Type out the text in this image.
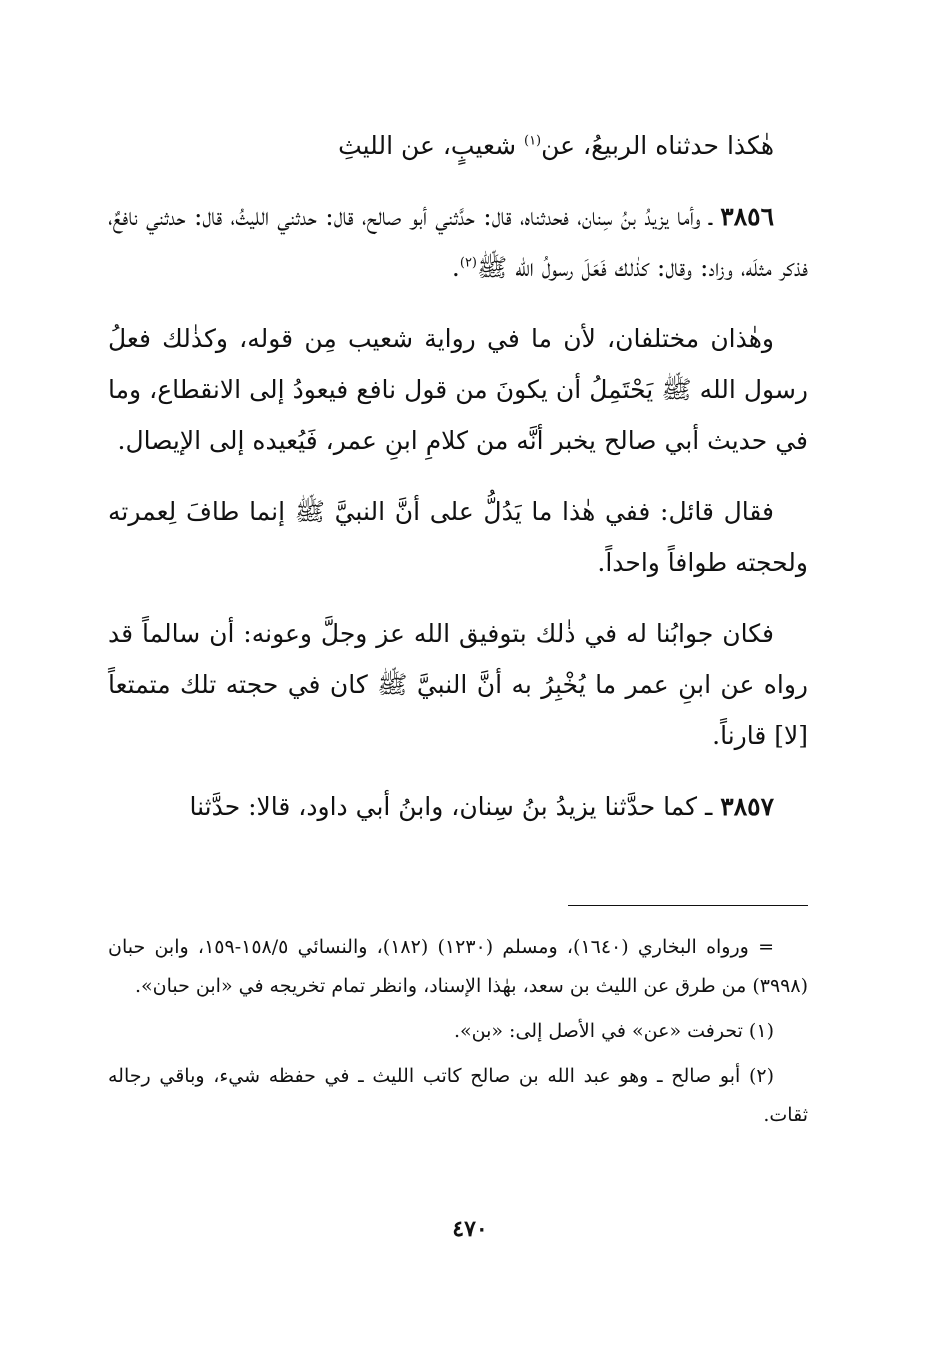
هٰكذا حدثناه الربيعُ، عن$^{(١)}$ شعيبٍ، عن الليثِ

٣٨٥٦ ـ وأما يزيدُ بنُ سِنان، فحدثناه، قال: حدَّثني أبو صالح، قال: حدثني الليثُ، قال: حدثني نافعٌ، فذكر مثلَه، وزاد: وقال: كذٰلك فَعَلَ رسولُ الله ﷺ$^{(٢)}$.

وهٰذان مختلفان، لأن ما في رواية شعيب مِن قوله، وكذٰلك فعلُ رسول الله ﷺ يَحْتَمِلُ أن يكونَ من قول نافع فيعودُ إلى الانقطاع، وما في حديث أبي صالح يخبر أنَّه من كلامِ ابنِ عمر، فَيُعيده إلى الإيصال.

فقال قائل: ففي هٰذا ما يَدُلُّ على أنَّ النبيَّ ﷺ إنما طافَ لِعمرته ولحجته طوافاً واحداً.

فكان جوابُنا له في ذٰلك بتوفيق الله عز وجلَّ وعونه: أن سالماً قد رواه عن ابنِ عمر ما يُخْبِرُ به أنَّ النبيَّ ﷺ كان في حجته تلك متمتعاً [لا] قارناً.

٣٨٥٧ ـ كما حدَّثنا يزيدُ بنُ سِنان، وابنُ أبي داود، قالا: حدَّثنا

= ورواه البخاري (١٦٤٠)، ومسلم (١٢٣٠) (١٨٢)، والنسائي ١٥٨/٥-١٥٩، وابن حبان (٣٩٩٨) من طرق عن الليث بن سعد، بهٰذا الإسناد، وانظر تمام تخريجه في «ابن حبان».

(١) تحرفت «عن» في الأصل إلى: «بن».

(٢) أبو صالح ـ وهو عبد الله بن صالح كاتب الليث ـ في حفظه شيء، وباقي رجاله ثقات.

٤٧٠
